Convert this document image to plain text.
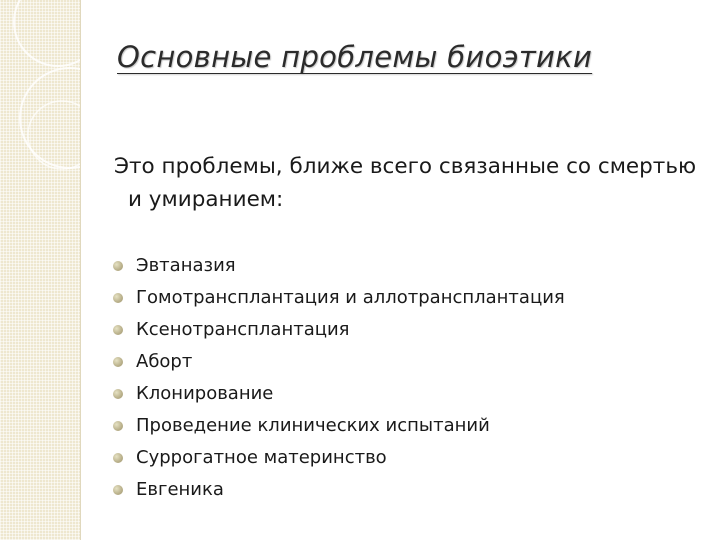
Основные проблемы биоэтики
Это проблемы, ближе всего связанные со смертью и умиранием:
Эвтаназия
Гомотрансплантация и аллотрансплантация
Ксенотрансплантация
Аборт
Клонирование
Проведение клинических испытаний
Суррогатное материнство
Евгеника
